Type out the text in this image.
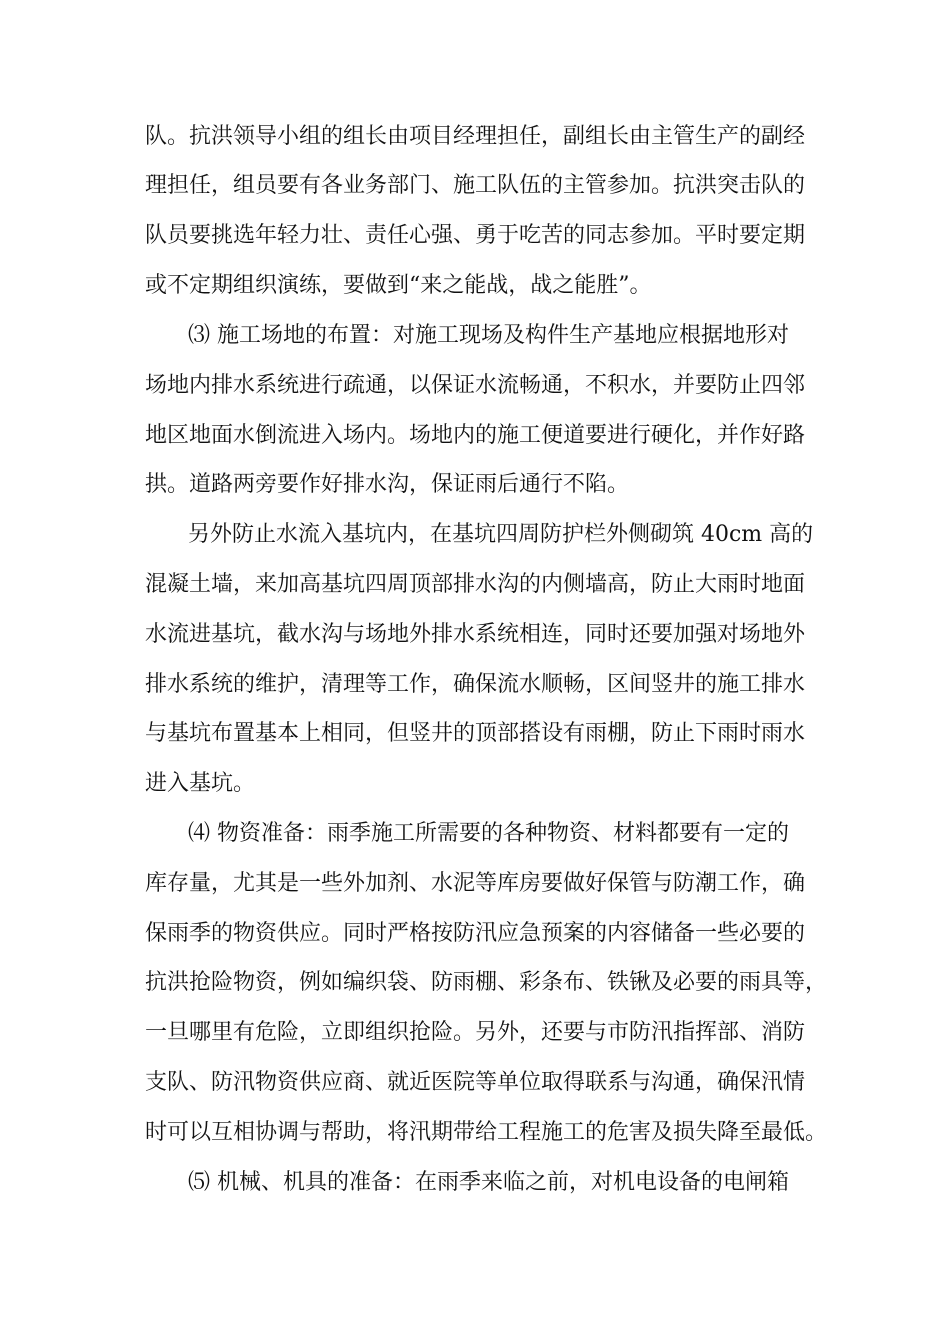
队。抗洪领导小组的组长由项目经理担任，副组长由主管生产的副经
理担任，组员要有各业务部门、施工队伍的主管参加。抗洪突击队的
队员要挑选年轻力壮、责任心强、勇于吃苦的同志参加。平时要定期
或不定期组织演练，要做到“来之能战，战之能胜”。
⑶ 施工场地的布置：对施工现场及构件生产基地应根据地形对
场地内排水系统进行疏通，以保证水流畅通，不积水，并要防止四邻
地区地面水倒流进入场内。场地内的施工便道要进行硬化，并作好路
拱。道路两旁要作好排水沟，保证雨后通行不陷。
另外防止水流入基坑内，在基坑四周防护栏外侧砌筑 40cm 高的
混凝土墙，来加高基坑四周顶部排水沟的内侧墙高，防止大雨时地面
水流进基坑，截水沟与场地外排水系统相连，同时还要加强对场地外
排水系统的维护，清理等工作，确保流水顺畅，区间竖井的施工排水
与基坑布置基本上相同，但竖井的顶部搭设有雨棚，防止下雨时雨水
进入基坑。
⑷ 物资准备：雨季施工所需要的各种物资、材料都要有一定的
库存量，尤其是一些外加剂、水泥等库房要做好保管与防潮工作，确
保雨季的物资供应。同时严格按防汛应急预案的内容储备一些必要的
抗洪抢险物资，例如编织袋、防雨棚、彩条布、铁锹及必要的雨具等，
一旦哪里有危险，立即组织抢险。另外，还要与市防汛指挥部、消防
支队、防汛物资供应商、就近医院等单位取得联系与沟通，确保汛情
时可以互相协调与帮助，将汛期带给工程施工的危害及损失降至最低。
⑸ 机械、机具的准备：在雨季来临之前，对机电设备的电闸箱
